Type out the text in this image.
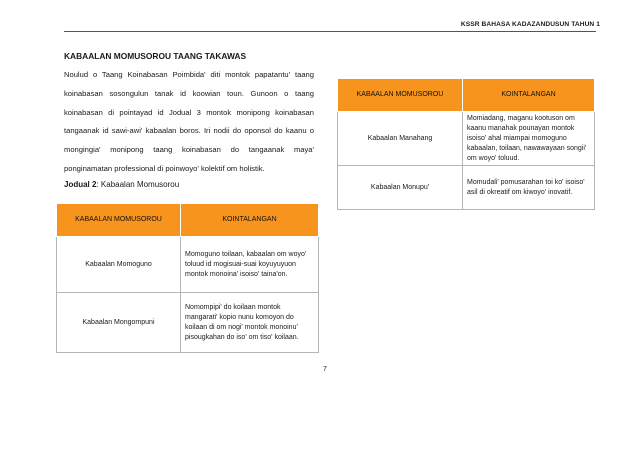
KSSR BAHASA KADAZANDUSUN TAHUN 1
KABAALAN MOMUSOROU TAANG TAKAWAS

Noulud o Taang Koinabasan Poimbida' diti montok papatantu' taang koinabasan sosongulun tanak id koowian toun. Gunoon o taang koinabasan di pointayad id Jodual 3 montok monipong koinabasan tangaanak id sawi-awi' kabaalan boros. Iri nodii do oponsol do kaanu o mongingia' monipong taang koinabasan do tangaanak maya' ponginamatan professional di poinwoyo' kolektif om holistik.

Jodual 2: Kabaalan Momusorou
KABAALAN MOMUSOROU	KOINTALANGAN
Kabaalan Momoguno	Momoguno toilaan, kabaalan om woyo' toluud id mogisuai-suai koyuyuyuon montok monoina' isoiso' taina'on.
Kabaalan Mongompuni	Nomompipi' do koilaan montok mangarati' kopio nunu komoyon do koilaan di om nogi' montok monoinu' pisougkahan do iso' om tiso' koilaan.
KABAALAN MOMUSOROU	KOINTALANGAN
Kabaalan Manahang	Momiadang, maganu kootuson om kaanu manahak pounayan montok isoiso' ahal miampai momoguno kabaalan, toilaan, nawawayaan songii' om woyo' toluud.
Kabaalan Monupu'	Momudali' pomusarahan toi ko' isoiso' asil di okreatif om kiwoyo' inovatif.
7
